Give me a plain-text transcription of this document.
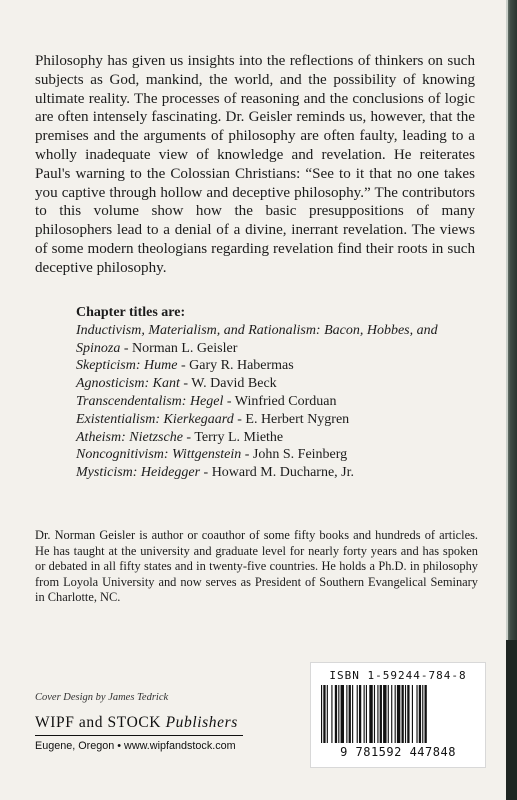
Philosophy has given us insights into the reflections of thinkers on such subjects as God, mankind, the world, and the possibility of knowing ultimate reality. The processes of reasoning and the conclusions of logic are often intensely fascinating. Dr. Geisler reminds us, however, that the premises and the arguments of philosophy are often faulty, leading to a wholly inadequate view of knowledge and revelation. He reiterates Paul's warning to the Colossian Christians: “See to it that no one takes you captive through hollow and deceptive philosophy.” The contributors to this volume show how the basic presuppositions of many philosophers lead to a denial of a divine, inerrant revelation. The views of some modern theologians regarding revelation find their roots in such deceptive philosophy.

Chapter titles are:
Inductivism, Materialism, and Rationalism: Bacon, Hobbes, and
Spinoza - Norman L. Geisler
Skepticism: Hume - Gary R. Habermas
Agnosticism: Kant - W. David Beck
Transcendentalism: Hegel - Winfried Corduan
Existentialism: Kierkegaard - E. Herbert Nygren
Atheism: Nietzsche - Terry L. Miethe
Noncognitivism: Wittgenstein - John S. Feinberg
Mysticism: Heidegger - Howard M. Ducharne, Jr.

Dr. Norman Geisler is author or coauthor of some fifty books and hundreds of articles. He has taught at the university and graduate level for nearly forty years and has spoken or debated in all fifty states and in twenty-five countries. He holds a Ph.D. in philosophy from Loyola University and now serves as President of Southern Evangelical Seminary in Charlotte, NC.

ISBN 1-59244-784-8
9 781592 447848
Cover Design by James Tedrick
WIPF and STOCK Publishers
Eugene, Oregon • www.wipfandstock.com
